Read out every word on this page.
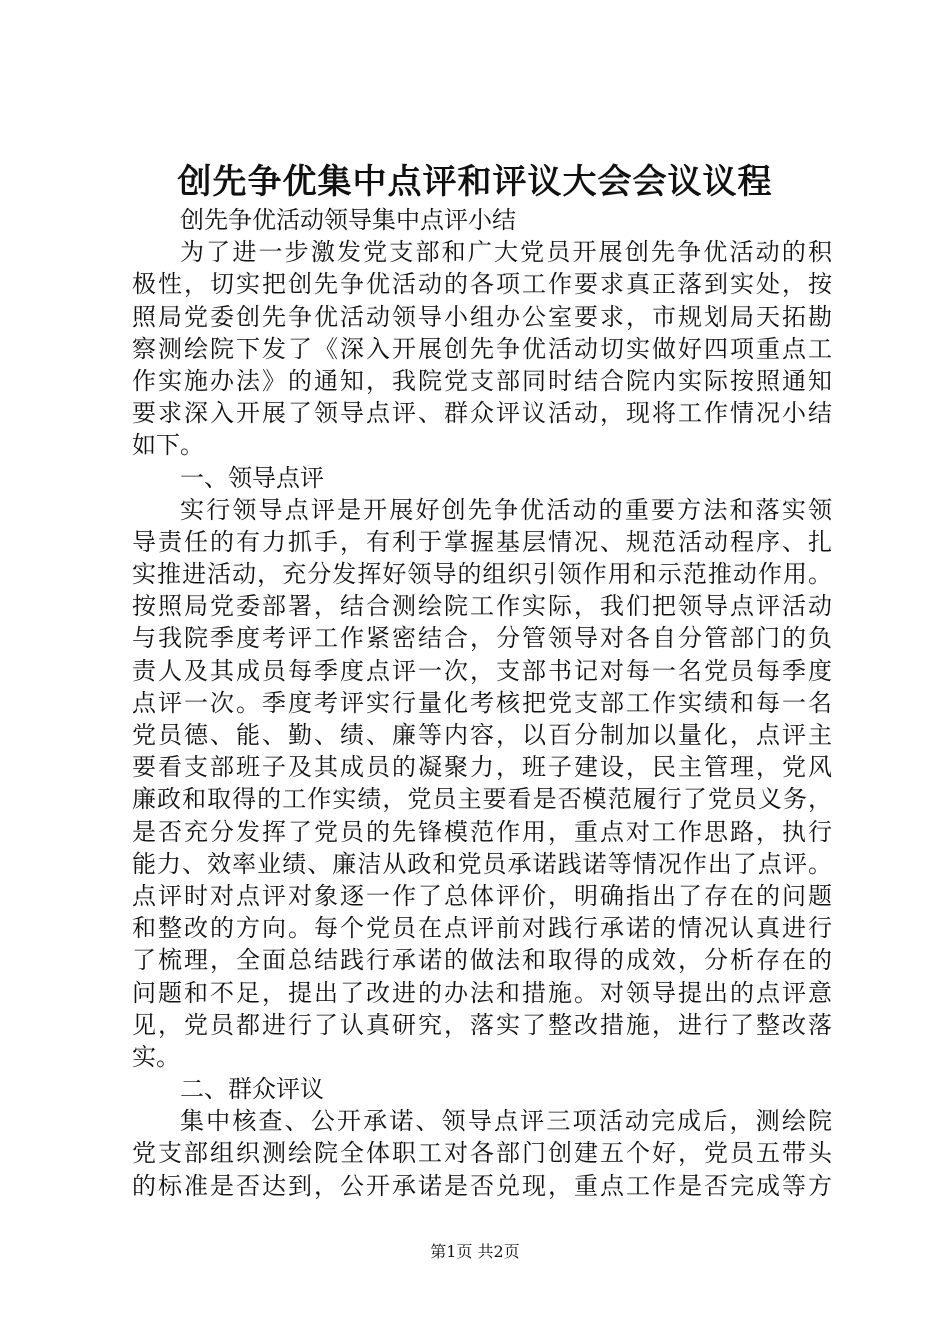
创先争优集中点评和评议大会会议议程
创先争优活动领导集中点评小结
为了进一步激发党支部和广大党员开展创先争优活动的积
极性，切实把创先争优活动的各项工作要求真正落到实处，按
照局党委创先争优活动领导小组办公室要求，市规划局天拓勘
察测绘院下发了《深入开展创先争优活动切实做好四项重点工
作实施办法》的通知，我院党支部同时结合院内实际按照通知
要求深入开展了领导点评、群众评议活动，现将工作情况小结
如下。
一、领导点评
实行领导点评是开展好创先争优活动的重要方法和落实领
导责任的有力抓手，有利于掌握基层情况、规范活动程序、扎
实推进活动，充分发挥好领导的组织引领作用和示范推动作用。
按照局党委部署，结合测绘院工作实际，我们把领导点评活动
与我院季度考评工作紧密结合，分管领导对各自分管部门的负
责人及其成员每季度点评一次，支部书记对每一名党员每季度
点评一次。季度考评实行量化考核把党支部工作实绩和每一名
党员德、能、勤、绩、廉等内容，以百分制加以量化，点评主
要看支部班子及其成员的凝聚力，班子建设，民主管理，党风
廉政和取得的工作实绩，党员主要看是否模范履行了党员义务，
是否充分发挥了党员的先锋模范作用，重点对工作思路，执行
能力、效率业绩、廉洁从政和党员承诺践诺等情况作出了点评。
点评时对点评对象逐一作了总体评价，明确指出了存在的问题
和整改的方向。每个党员在点评前对践行承诺的情况认真进行
了梳理，全面总结践行承诺的做法和取得的成效，分析存在的
问题和不足，提出了改进的办法和措施。对领导提出的点评意
见，党员都进行了认真研究，落实了整改措施，进行了整改落
实。
二、群众评议
集中核查、公开承诺、领导点评三项活动完成后，测绘院
党支部组织测绘院全体职工对各部门创建五个好，党员五带头
的标准是否达到，公开承诺是否兑现，重点工作是否完成等方
第1页 共2页
